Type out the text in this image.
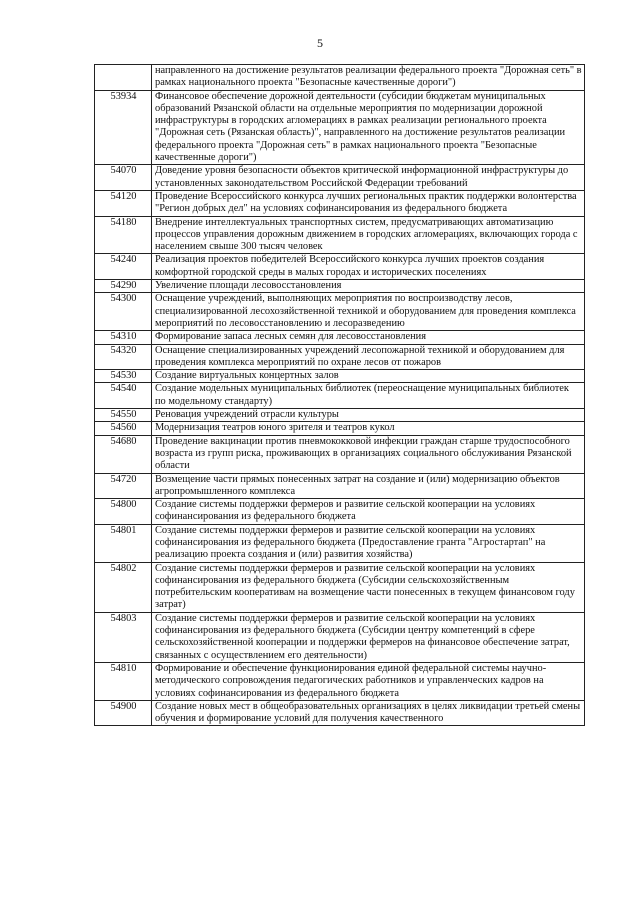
5
	направленного на достижение результатов реализации федерального проекта "Дорожная сеть" в рамках национального проекта "Безопасные качественные дороги")
53934	Финансовое обеспечение дорожной деятельности (субсидии бюджетам муниципальных образований Рязанской области на отдельные мероприятия по модернизации дорожной инфраструктуры в городских агломерациях в рамках реализации регионального проекта "Дорожная сеть (Рязанская область)", направленного на достижение результатов реализации федерального проекта "Дорожная сеть" в рамках национального проекта "Безопасные качественные дороги")
54070	Доведение уровня безопасности объектов критической информационной инфраструктуры до установленных законодательством Российской Федерации требований
54120	Проведение Всероссийского конкурса лучших региональных практик поддержки волонтерства "Регион добрых дел" на условиях софинансирования из федерального бюджета
54180	Внедрение интеллектуальных транспортных систем, предусматривающих автоматизацию процессов управления дорожным движением в городских агломерациях, включающих города с населением свыше 300 тысяч человек
54240	Реализация проектов победителей Всероссийского конкурса лучших проектов создания комфортной городской среды в малых городах и исторических поселениях
54290	Увеличение площади лесовосстановления
54300	Оснащение учреждений, выполняющих мероприятия по воспроизводству лесов, специализированной лесохозяйственной техникой и оборудованием для проведения комплекса мероприятий по лесовосстановлению и лесоразведению
54310	Формирование запаса лесных семян для лесовосстановления
54320	Оснащение специализированных учреждений лесопожарной техникой и оборудованием для проведения комплекса мероприятий по охране лесов от пожаров
54530	Создание виртуальных концертных залов
54540	Создание модельных муниципальных библиотек (переоснащение муниципальных библиотек по модельному стандарту)
54550	Реновация учреждений отрасли культуры
54560	Модернизация театров юного зрителя и театров кукол
54680	Проведение вакцинации против пневмококковой инфекции граждан старше трудоспособного возраста из групп риска, проживающих в организациях социального обслуживания Рязанской области
54720	Возмещение части прямых понесенных затрат на создание и (или) модернизацию объектов агропромышленного комплекса
54800	Создание системы поддержки фермеров и развитие сельской кооперации на условиях софинансирования из федерального бюджета
54801	Создание системы поддержки фермеров и развитие сельской кооперации на условиях софинансирования из федерального бюджета (Предоставление гранта "Агростартап" на реализацию проекта создания и (или) развития хозяйства)
54802	Создание системы поддержки фермеров и развитие сельской кооперации на условиях софинансирования из федерального бюджета (Субсидии сельскохозяйственным потребительским кооперативам на возмещение части понесенных в текущем финансовом году затрат)
54803	Создание системы поддержки фермеров и развитие сельской кооперации на условиях софинансирования из федерального бюджета (Субсидии центру компетенций в сфере сельскохозяйственной кооперации и поддержки фермеров на финансовое обеспечение затрат, связанных с осуществлением его деятельности)
54810	Формирование и обеспечение функционирования единой федеральной системы научно-методического сопровождения педагогических работников и управленческих кадров на условиях софинансирования из федерального бюджета
54900	Создание новых мест в общеобразовательных организациях в целях ликвидации третьей смены обучения и формирование условий для получения качественного
